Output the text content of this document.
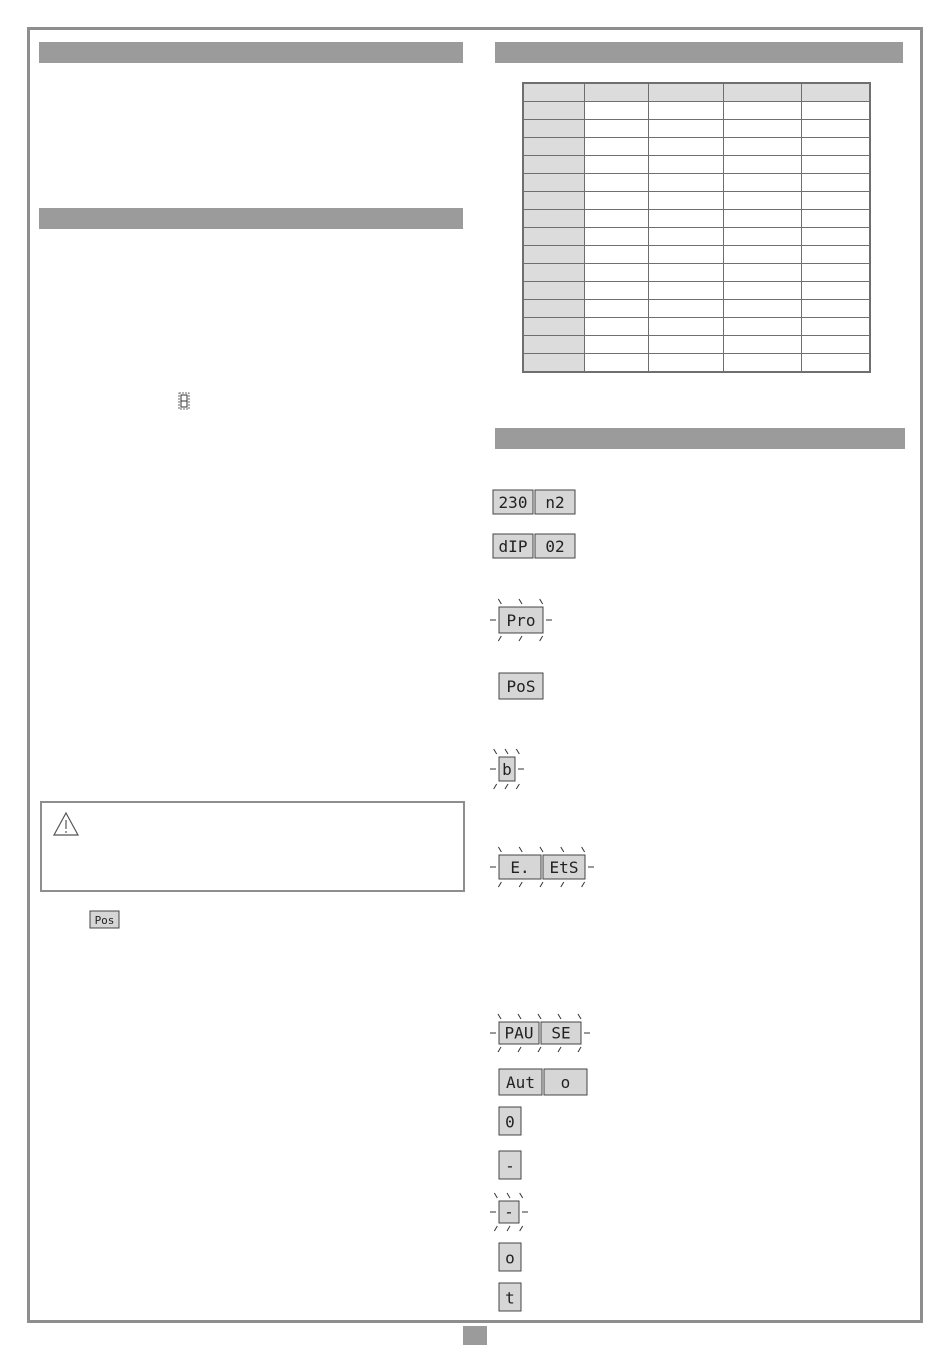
Pos

230 n2
dIP 02
Pro
PoS
b
E. EtS
PAU SE
Aut o
0
-
-
o
t
